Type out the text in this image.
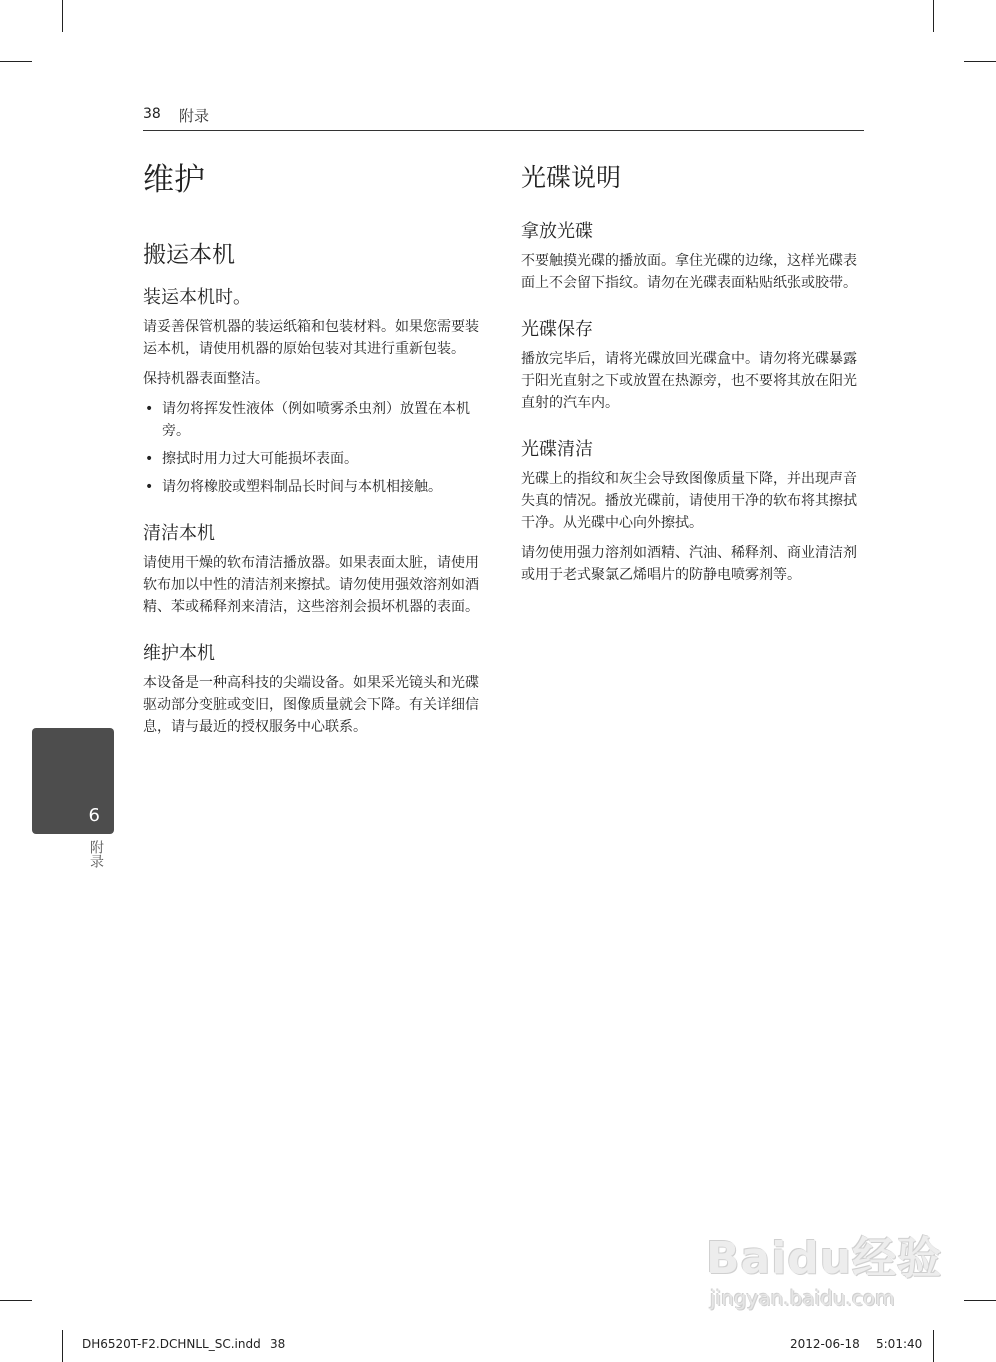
38 附录
维护
搬运本机
装运本机时。

请妥善保管机器的装运纸箱和包装材料。如果您需要装运本机，请使用机器的原始包装对其进行重新包装。

保持机器表面整洁。

• 请勿将挥发性液体（例如喷雾杀虫剂）放置在本机旁。
• 擦拭时用力过大可能损坏表面。
• 请勿将橡胶或塑料制品长时间与本机相接触。
清洁本机

请使用干燥的软布清洁播放器。如果表面太脏，请使用软布加以中性的清洁剂来擦拭。请勿使用强效溶剂如酒精、苯或稀释剂来清洁，这些溶剂会损坏机器的表面。

维护本机

本设备是一种高科技的尖端设备。如果采光镜头和光碟驱动部分变脏或变旧，图像质量就会下降。有关详细信息，请与最近的授权服务中心联系。

光碟说明
拿放光碟

不要触摸光碟的播放面。拿住光碟的边缘，这样光碟表面上不会留下指纹。请勿在光碟表面粘贴纸张或胶带。

光碟保存

播放完毕后，请将光碟放回光碟盒中。请勿将光碟暴露于阳光直射之下或放置在热源旁，也不要将其放在阳光直射的汽车内。

光碟清洁

光碟上的指纹和灰尘会导致图像质量下降，并出现声音失真的情况。播放光碟前，请使用干净的软布将其擦拭干净。从光碟中心向外擦拭。

请勿使用强力溶剂如酒精、汽油、稀释剂、商业清洁剂或用于老式聚氯乙烯唱片的防静电喷雾剂等。

6
附录
Baidu经验
jingyan.baidu.com
DH6520T-F2.DCHNLL_SC.indd 38	2012-06-18 5:01:40
